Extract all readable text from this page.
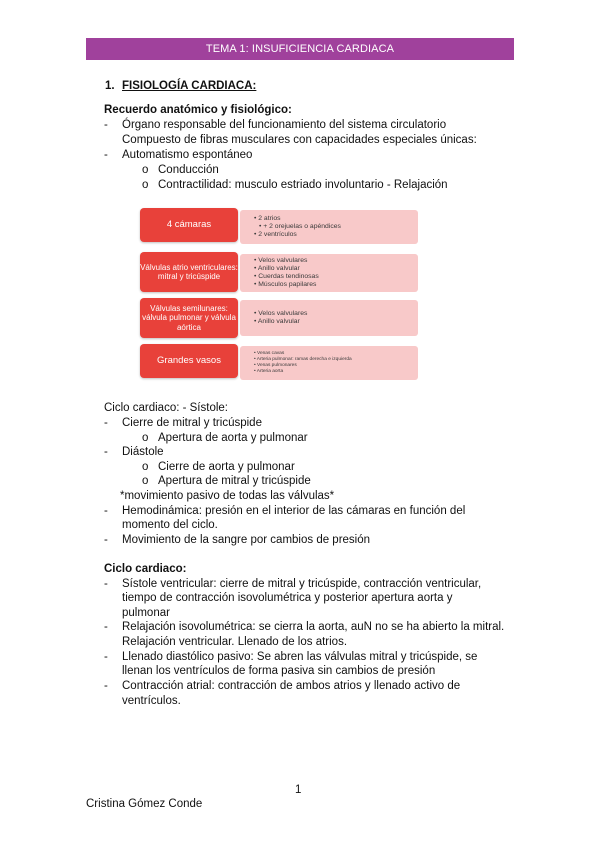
TEMA 1: INSUFICIENCIA CARDIACA
1. FISIOLOGÍA CARDIACA:
Recuerdo anatómico y fisiológico:
- Órgano responsable del funcionamiento del sistema circulatorio
Compuesto de fibras musculares con capacidades especiales únicas:
- Automatismo espontáneo
o Conducción
o Contractilidad: musculo estriado involuntario - Relajación
4 cámaras
• 2 atrios
• + 2 orejuelas o apéndices
• 2 ventrículos
Válvulas atrio ventriculares: mitral y tricúspide
• Velos valvulares
• Anillo valvular
• Cuerdas tendinosas
• Músculos papilares
Válvulas semilunares: válvula pulmonar y válvula aórtica
• Velos valvulares
• Anillo valvular
Grandes vasos
• Venas cavas
• Arteria pulmonar: ramas derecha e izquierda
• Venas pulmonares
• Arteria aorta
Ciclo cardiaco: - Sístole:
- Cierre de mitral y tricúspide
o Apertura de aorta y pulmonar
- Diástole
o Cierre de aorta y pulmonar
o Apertura de mitral y tricúspide
*movimiento pasivo de todas las válvulas*
- Hemodinámica: presión en el interior de las cámaras en función del
momento del ciclo.
- Movimiento de la sangre por cambios de presión
Ciclo cardiaco:
- Sístole ventricular: cierre de mitral y tricúspide, contracción ventricular,
tiempo de contracción isovolumétrica y posterior apertura aorta y
pulmonar
- Relajación isovolumétrica: se cierra la aorta, auN no se ha abierto la mitral.
Relajación ventricular. Llenado de los atrios.
- Llenado diastólico pasivo: Se abren las válvulas mitral y tricúspide, se
llenan los ventrículos de forma pasiva sin cambios de presión
- Contracción atrial: contracción de ambos atrios y llenado activo de
ventrículos.
1
Cristina Gómez Conde
